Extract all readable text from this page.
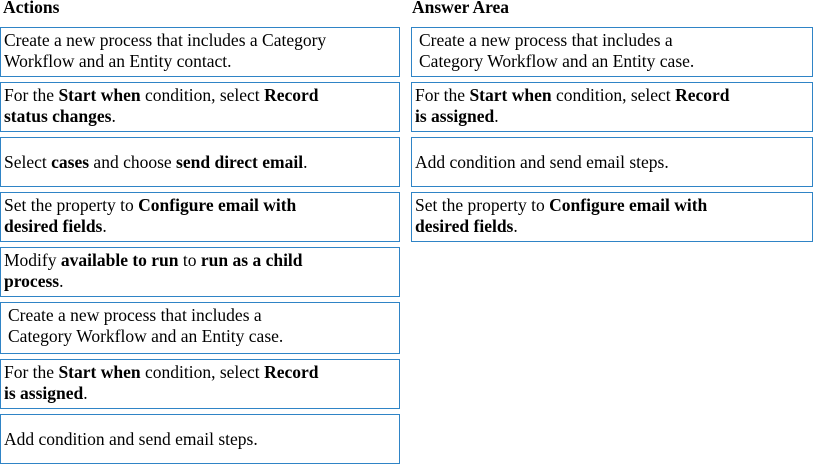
Actions	Answer Area
Create a new process that includes a Category
Workflow and an Entity contact.
For the Start when condition, select Record
status changes.
Select cases and choose send direct email.
Set the property to Configure email with
desired fields.
Modify available to run to run as a child
process.
Create a new process that includes a
Category Workflow and an Entity case.
For the Start when condition, select Record
is assigned.
Add condition and send email steps.
Create a new process that includes a
Category Workflow and an Entity case.
For the Start when condition, select Record
is assigned.
Add condition and send email steps.
Set the property to Configure email with
desired fields.
